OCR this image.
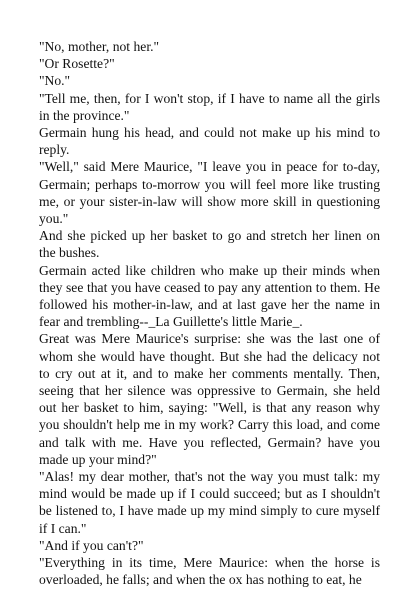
"No, mother, not her."

"Or Rosette?"

"No."

"Tell me, then, for I won't stop, if I have to name all the girls in the province."

Germain hung his head, and could not make up his mind to reply.

"Well," said Mere Maurice, "I leave you in peace for to-day, Germain; perhaps to-morrow you will feel more like trusting me, or your sister-in-law will show more skill in questioning you."

And she picked up her basket to go and stretch her linen on the bushes.

Germain acted like children who make up their minds when they see that you have ceased to pay any attention to them. He followed his mother-in-law, and at last gave her the name in fear and trembling--_La Guillette's little Marie_.

Great was Mere Maurice's surprise: she was the last one of whom she would have thought. But she had the delicacy not to cry out at it, and to make her comments mentally. Then, seeing that her silence was oppressive to Germain, she held out her basket to him, saying: "Well, is that any reason why you shouldn't help me in my work? Carry this load, and come and talk with me. Have you reflected, Germain? have you made up your mind?"

"Alas! my dear mother, that's not the way you must talk: my mind would be made up if I could succeed; but as I shouldn't be listened to, I have made up my mind simply to cure myself if I can."

"And if you can't?"

"Everything in its time, Mere Maurice: when the horse is overloaded, he falls; and when the ox has nothing to eat, he
